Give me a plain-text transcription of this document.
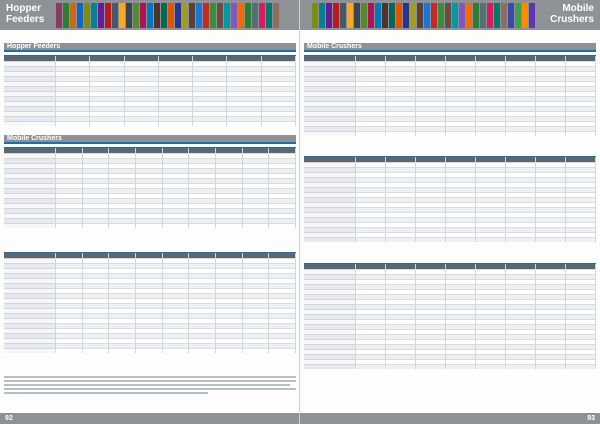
Hopper
Feeders
Hopper Feeders
Mobile Crushers
92
Mobile
Crushers
Mobile Crushers
93
